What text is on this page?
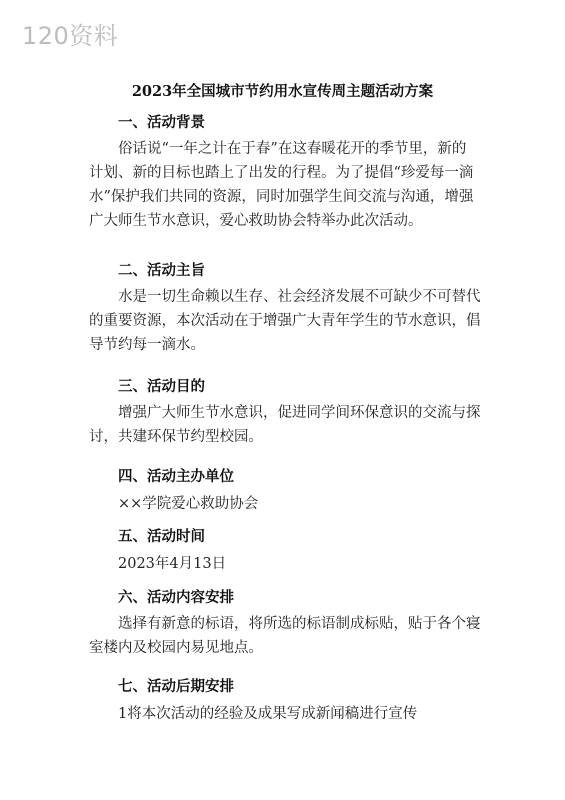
120资料
2023年全国城市节约用水宣传周主题活动方案
一、活动背景
俗话说“一年之计在于春”在这春暖花开的季节里，新的
计划、新的目标也踏上了出发的行程。为了提倡“珍爱每一滴
水”保护我们共同的资源，同时加强学生间交流与沟通，增强
广大师生节水意识，爱心救助协会特举办此次活动。
二、活动主旨
水是一切生命赖以生存、社会经济发展不可缺少不可替代
的重要资源，本次活动在于增强广大青年学生的节水意识，倡
导节约每一滴水。
三、活动目的
增强广大师生节水意识，促进同学间环保意识的交流与探
讨，共建环保节约型校园。
四、活动主办单位
××学院爱心救助协会
五、活动时间
2023年4月13日
六、活动内容安排
选择有新意的标语，将所选的标语制成标贴，贴于各个寝
室楼内及校园内易见地点。
七、活动后期安排
1将本次活动的经验及成果写成新闻稿进行宣传
